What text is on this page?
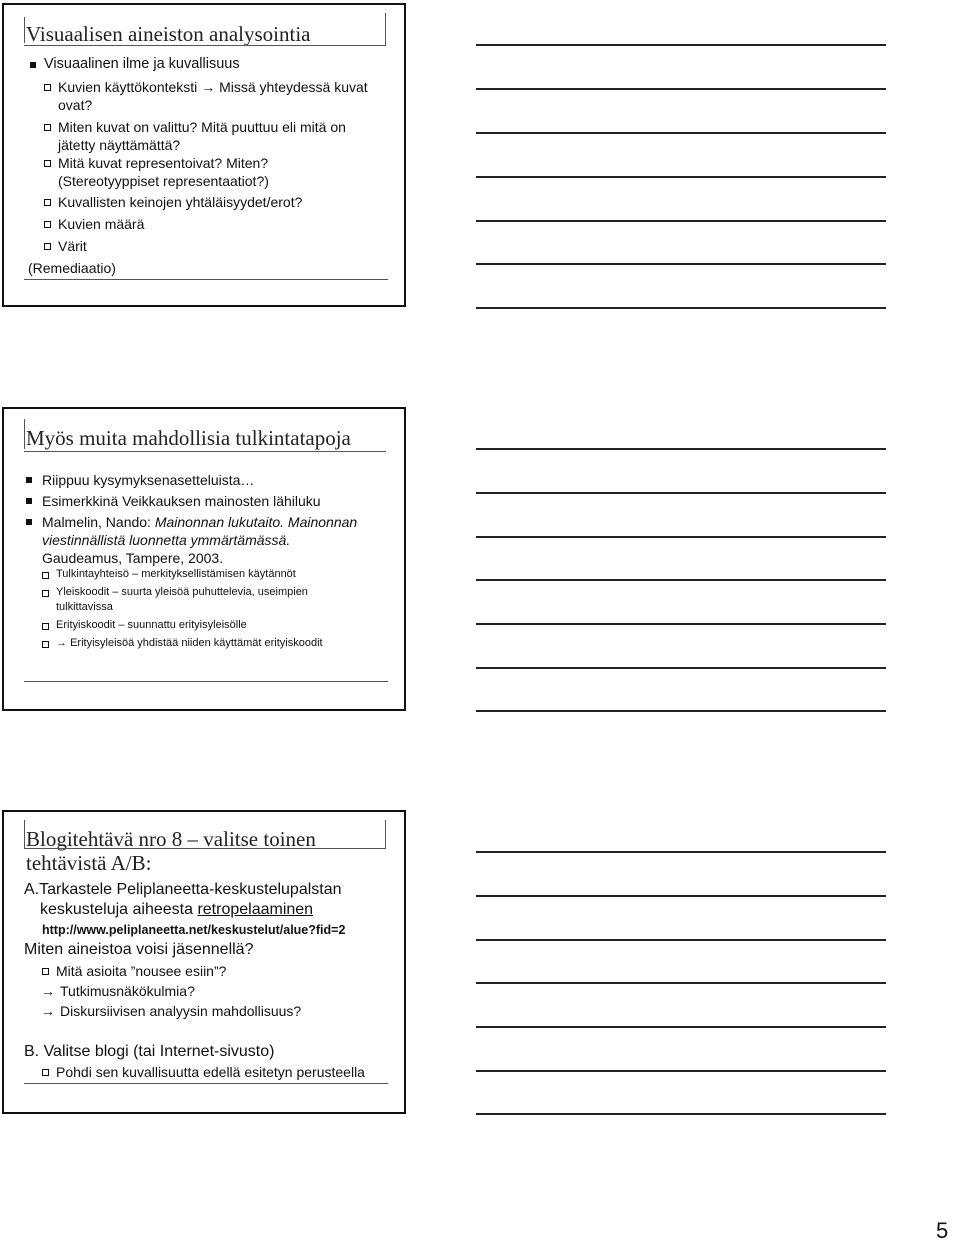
Visuaalisen aineiston analysointia
Visuaalinen ilme ja kuvallisuus
Kuvien käyttökonteksti → Missä yhteydessä kuvat
ovat?
Miten kuvat on valittu? Mitä puuttuu eli mitä on
jätetty näyttämättä?
Mitä kuvat representoivat? Miten?
(Stereotyyppiset representaatiot?)
Kuvallisten keinojen yhtäläisyydet/erot?
Kuvien määrä
Värit
(Remediaatio)
Myös muita mahdollisia tulkintatapoja
Riippuu kysymyksenasetteluista…
Esimerkkinä Veikkauksen mainosten lähiluku
Malmelin, Nando: Mainonnan lukutaito. Mainonnan
viestinnällistä luonnetta ymmärtämässä.
Gaudeamus, Tampere, 2003.
Tulkintayhteisö – merkityksellistämisen käytännöt
Yleiskoodit – suurta yleisöä puhuttelevia, useimpien
tulkittavissa
Erityiskoodit – suunnattu erityisyleisölle
→ Erityisyleisöä yhdistää niiden käyttämät erityiskoodit
Blogitehtävä nro 8 – valitse toinen
tehtävistä A/B:
A.Tarkastele Peliplaneetta-keskustelupalstan
keskusteluja aiheesta retropelaaminen
http://www.peliplaneetta.net/keskustelut/alue?fid=2
Miten aineistoa voisi jäsennellä?
Mitä asioita ”nousee esiin”?
→ Tutkimusnäkökulmia?
→ Diskursiivisen analyysin mahdollisuus?
B. Valitse blogi (tai Internet-sivusto)
Pohdi sen kuvallisuutta edellä esitetyn perusteella
5
